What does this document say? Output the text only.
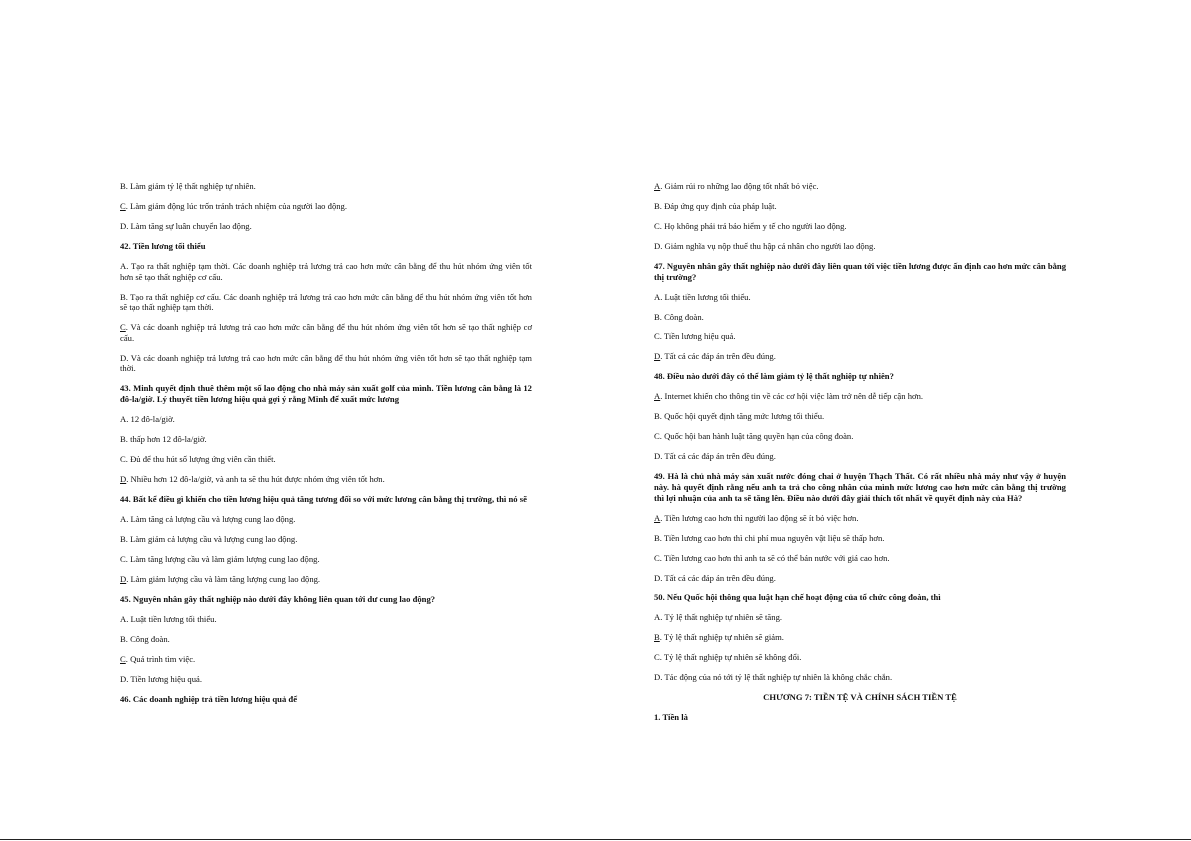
B. Làm giảm tỷ lệ thất nghiệp tự nhiên.
C. Làm giảm động lúc trốn tránh trách nhiệm của người lao động.
D. Làm tăng sự luân chuyển lao động.
42. Tiền lương tối thiểu
A. Tạo ra thất nghiệp tạm thời. Các doanh nghiệp trả lương trả cao hơn mức cân bằng để thu hút nhóm ứng viên tốt hơn sẽ tạo thất nghiệp cơ cấu.
B. Tạo ra thất nghiệp cơ cấu. Các doanh nghiệp trả lương trả cao hơn mức cân bằng để thu hút nhóm ứng viên tốt hơn sẽ tạo thất nghiệp tạm thời.
C. Và các doanh nghiệp trả lương trả cao hơn mức cân bằng để thu hút nhóm ứng viên tốt hơn sẽ tạo thất nghiệp cơ cấu.
D. Và các doanh nghiệp trả lương trả cao hơn mức cân bằng để thu hút nhóm ứng viên tốt hơn sẽ tạo thất nghiệp tạm thời.
43. Minh quyết định thuê thêm một số lao động cho nhà máy sản xuất golf của mình. Tiền lương cân bằng là 12 đô-la/giờ. Lý thuyết tiền lương hiệu quả gợi ý rằng Minh để xuất mức lương
A. 12 đô-la/giờ.
B. thấp hơn 12 đô-la/giờ.
C. Đủ để thu hút số lượng ứng viên cần thiết.
D. Nhiều hơn 12 đô-la/giờ, và anh ta sẽ thu hút được nhóm ứng viên tốt hơn.
44. Bất kể điều gì khiến cho tiền lương hiệu quả tăng tương đối so với mức lương cân bằng thị trường, thì nó sẽ
A. Làm tăng cả lượng cầu và lượng cung lao động.
B. Làm giảm cả lượng cầu và lượng cung lao động.
C. Làm tăng lượng cầu và làm giảm lượng cung lao động.
D. Làm giảm lượng cầu và làm tăng lượng cung lao động.
45. Nguyên nhân gây thất nghiệp nào dưới đây không liên quan tới dư cung lao động?
A. Luật tiền lương tối thiểu.
B. Công đoàn.
C. Quá trình tìm việc.
D. Tiền lương hiệu quả.
46. Các doanh nghiệp trả tiền lương hiệu quả để
A. Giảm rủi ro những lao động tốt nhất bỏ việc.
B. Đáp ứng quy định của pháp luật.
C. Họ không phải trả bảo hiểm y tế cho người lao động.
D. Giảm nghĩa vụ nộp thuế thu hập cá nhân cho người lao động.
47. Nguyên nhân gây thất nghiệp nào dưới đây liên quan tới việc tiền lương được ấn định cao hơn mức cân bằng thị trường?
A. Luật tiền lương tối thiểu.
B. Công đoàn.
C. Tiền lương hiệu quả.
D. Tất cả các đáp án trên đều đúng.
48. Điều nào dưới đây có thể làm giảm tỷ lệ thất nghiệp tự nhiên?
A. Internet khiến cho thông tin về các cơ hội việc làm trở nên dễ tiếp cận hơn.
B. Quốc hội quyết định tăng mức lương tối thiểu.
C. Quốc hội ban hành luật tăng quyền hạn của công đoàn.
D. Tất cả các đáp án trên đều đúng.
49. Hà là chủ nhà máy sản xuất nước đóng chai ở huyện Thạch Thất. Có rất nhiều nhà máy như vậy ở huyện này. hà quyết định rằng nếu anh ta trả cho công nhân của mình mức lương cao hơn mức cân bằng thị trường thì lợi nhuận của anh ta sẽ tăng lên. Điều nào dưới đây giải thích tốt nhất về quyết định này của Hà?
A. Tiền lương cao hơn thì người lao động sẽ ít bỏ việc hơn.
B. Tiền lương cao hơn thì chi phí mua nguyên vật liệu sẽ thấp hơn.
C. Tiền lương cao hơn thì anh ta sẽ có thể bán nước với giá cao hơn.
D. Tất cả các đáp án trên đều đúng.
50. Nếu Quốc hội thông qua luật hạn chế hoạt động của tổ chức công đoàn, thì
A. Tỷ lệ thất nghiệp tự nhiên sẽ tăng.
B. Tỷ lệ thất nghiệp tự nhiên sẽ giảm.
C. Tỷ lệ thất nghiệp tự nhiên sẽ không đổi.
D. Tác động của nó tới tỷ lệ thất nghiệp tự nhiên là không chắc chắn.
CHƯƠNG 7: TIỀN TỆ VÀ CHÍNH SÁCH TIỀN TỆ
1. Tiền là
